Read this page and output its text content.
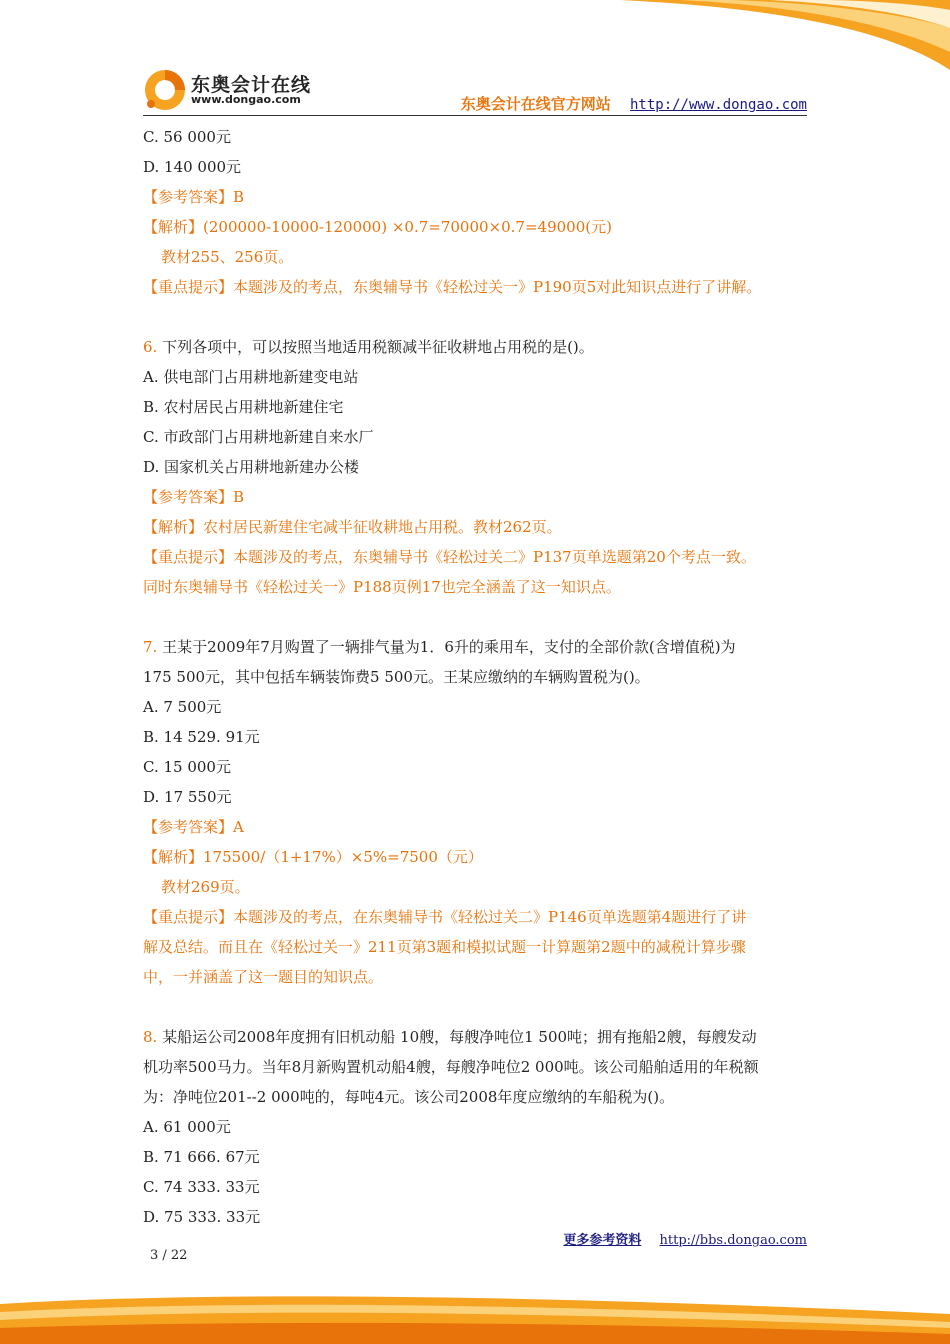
东奥会计在线
www.dongao.com	东奥会计在线官方网站 http://www.dongao.com
C. 56 000元
D. 140 000元
【参考答案】B
【解析】(200000-10000-120000) ×0.7=70000×0.7=49000(元)
教材255、256页。
【重点提示】本题涉及的考点，东奥辅导书《轻松过关一》P190页5对此知识点进行了讲解。
6. 下列各项中，可以按照当地适用税额减半征收耕地占用税的是()。
A. 供电部门占用耕地新建变电站
B. 农村居民占用耕地新建住宅
C. 市政部门占用耕地新建自来水厂
D. 国家机关占用耕地新建办公楼
【参考答案】B
【解析】农村居民新建住宅减半征收耕地占用税。教材262页。
【重点提示】本题涉及的考点，东奥辅导书《轻松过关二》P137页单选题第20个考点一致。
同时东奥辅导书《轻松过关一》P188页例17也完全涵盖了这一知识点。
7. 王某于2009年7月购置了一辆排气量为1．6升的乘用车，支付的全部价款(含增值税)为
175 500元，其中包括车辆装饰费5 500元。王某应缴纳的车辆购置税为()。
A. 7 500元
B. 14 529. 91元
C. 15 000元
D. 17 550元
【参考答案】A
【解析】175500/（1+17%）×5%=7500（元）
教材269页。
【重点提示】本题涉及的考点，在东奥辅导书《轻松过关二》P146页单选题第4题进行了讲
解及总结。而且在《轻松过关一》211页第3题和模拟试题一计算题第2题中的减税计算步骤
中，一并涵盖了这一题目的知识点。
8. 某船运公司2008年度拥有旧机动船 10艘，每艘净吨位1 500吨；拥有拖船2艘，每艘发动
机功率500马力。当年8月新购置机动船4艘，每艘净吨位2 000吨。该公司船舶适用的年税额
为：净吨位201--2 000吨的，每吨4元。该公司2008年度应缴纳的车船税为()。
A. 61 000元
B. 71 666. 67元
C. 74 333. 33元
D. 75 333. 33元
更多参考资料 http://bbs.dongao.com
3 / 22
